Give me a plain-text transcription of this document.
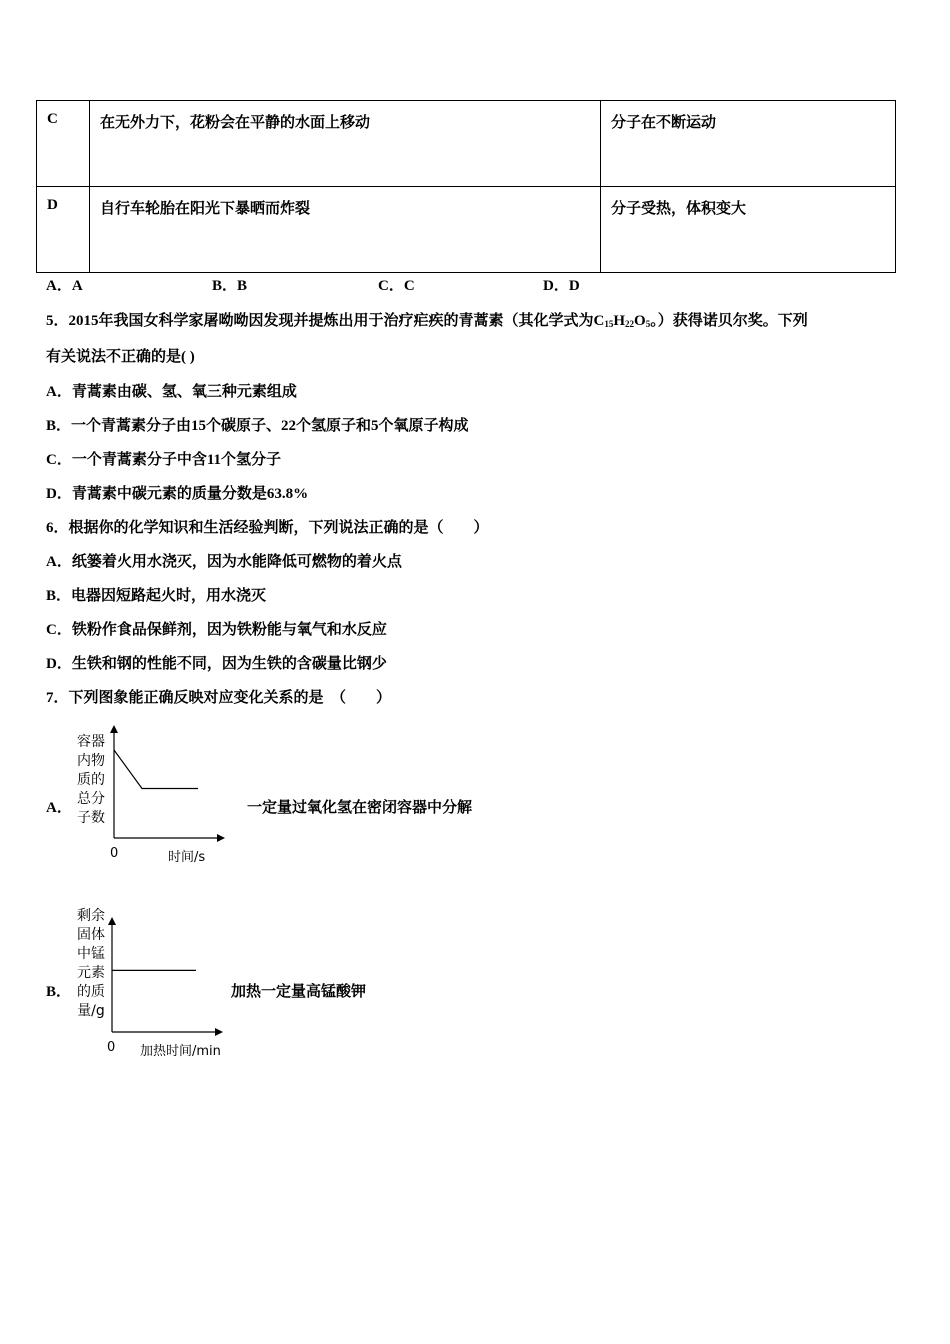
C	在无外力下，花粉会在平静的水面上移动	分子在不断运动
D	自行车轮胎在阳光下暴晒而炸裂	分子受热，体积变大
A．A	B．B	C．C	D．D
5．2015年我国女科学家屠呦呦因发现并提炼出用于治疗疟疾的青蒿素（其化学式为$C_{15}H_{22}O_5$。）获得诺贝尔奖。下列
有关说法不正确的是( )
A．青蒿素由碳、氢、氧三种元素组成
B．一个青蒿素分子由15个碳原子、22个氢原子和5个氧原子构成
C．一个青蒿素分子中含11个氢分子
D．青蒿素中碳元素的质量分数是63.8%
6．根据你的化学知识和生活经验判断，下列说法正确的是（　　）
A．纸篓着火用水浇灭，因为水能降低可燃物的着火点
B．电器因短路起火时，用水浇灭
C．铁粉作食品保鲜剂，因为铁粉能与氧气和水反应
D．生铁和钢的性能不同，因为生铁的含碳量比钢少
7．下列图象能正确反映对应变化关系的是　（　　）
A．
容器内物质的总分子数
0	时间/s
一定量过氧化氢在密闭容器中分解
B．
剩余固体中锰元素的质量/g
0 加热时间/min
加热一定量高锰酸钾
